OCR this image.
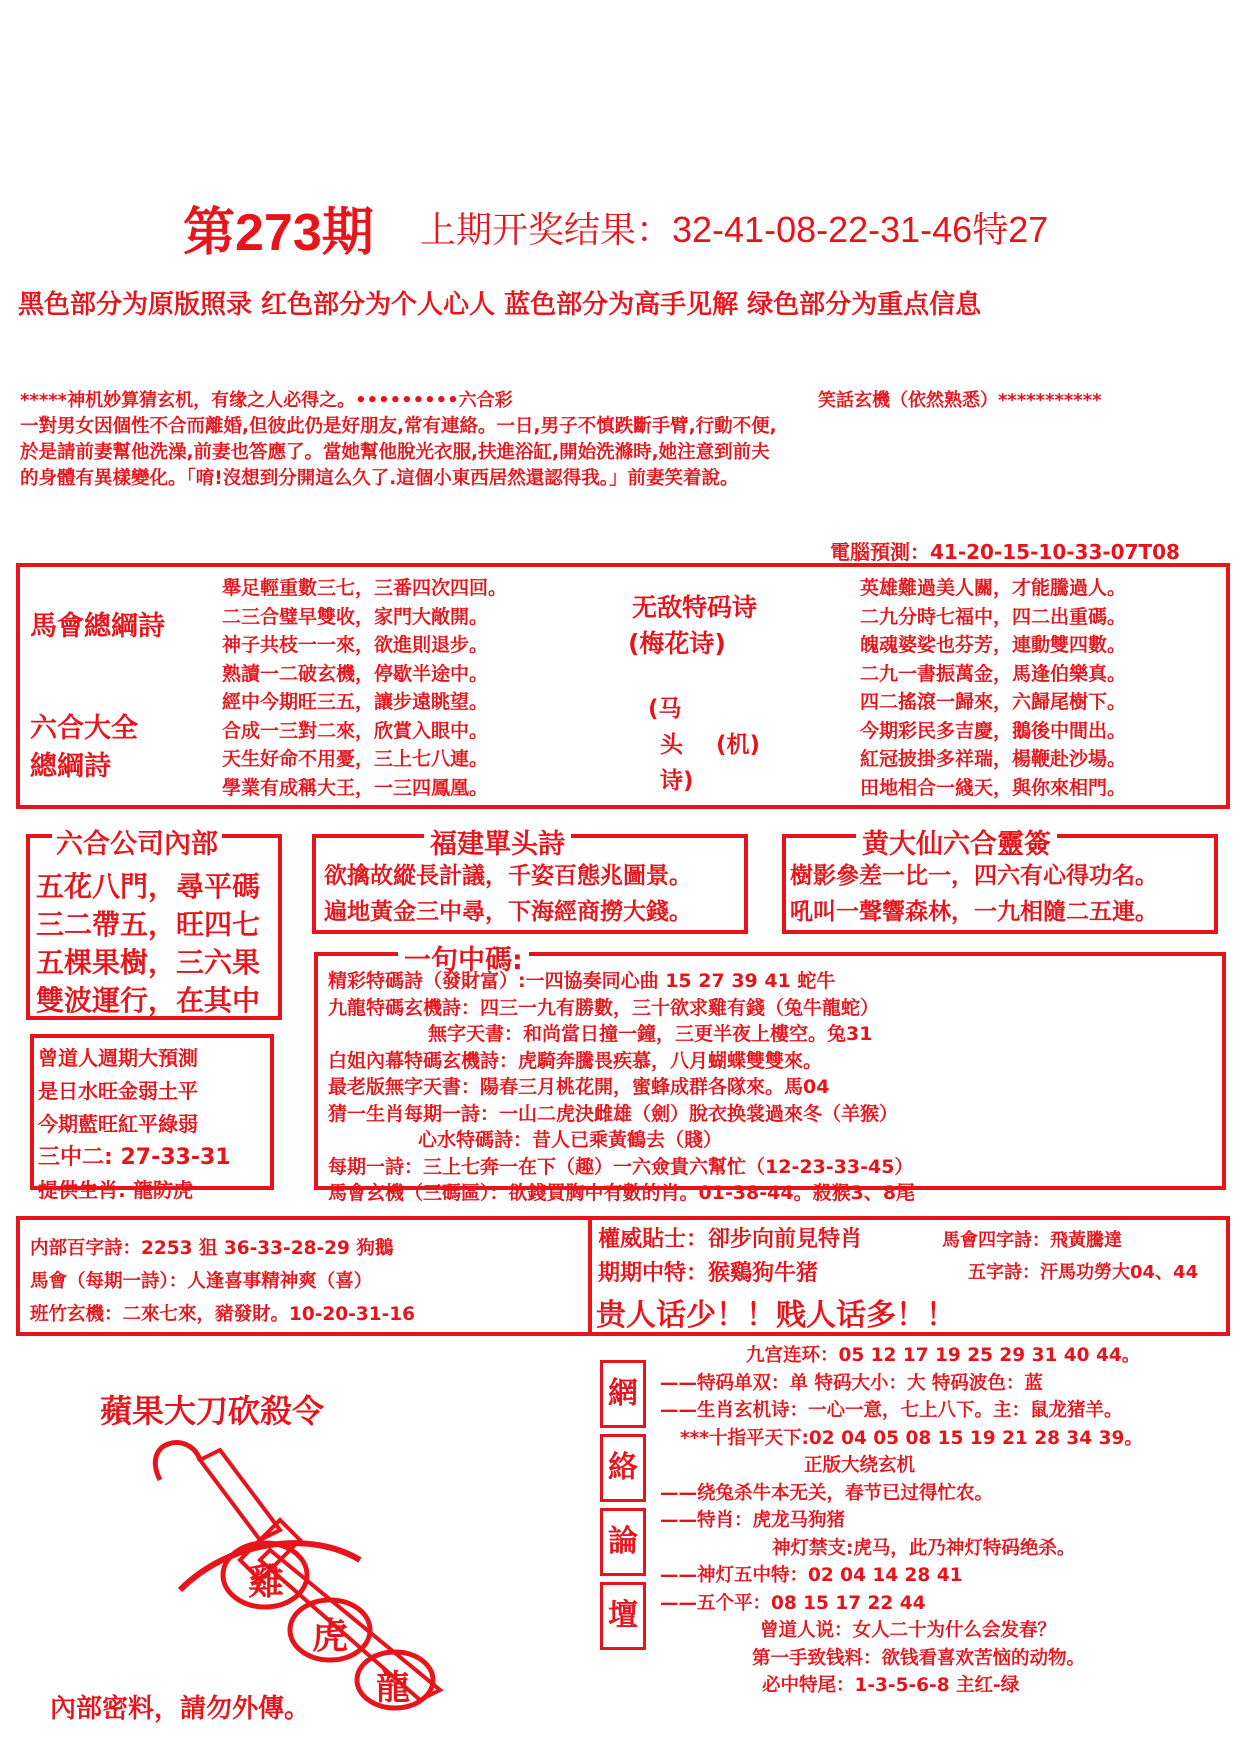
第273期 上期开奖结果：32-41-08-22-31-46特27
黑色部分为原版照录 红色部分为个人心人 蓝色部分为高手见解 绿色部分为重点信息
*****神机妙算猜玄机，有缘之人必得之。•••••••••六合彩	笑話玄機（依然熟悉）***********
一對男女因個性不合而離婚,但彼此仍是好朋友,常有連絡。一日,男子不慎跌斷手臂,行動不便,
於是請前妻幫他洗澡,前妻也答應了。當她幫他脫光衣服,扶進浴缸,開始洗滌時,她注意到前夫
的身體有異樣變化。「唷!沒想到分開這么久了.這個小東西居然還認得我。」前妻笑着說。
電腦預測：41-20-15-10-33-07T08
馬會總綱詩
六合大全
總綱詩
舉足輕重數三七，三番四次四回。
二三合璧早雙收，家門大敞開。
神子共枝一一來，欲進則退步。
熟讀一二破玄機，停歇半途中。
經中今期旺三五，讓步遠眺望。
合成一三對二來，欣賞入眼中。
天生好命不用憂，三上七八連。
學業有成稱大王，一三四鳳凰。
无敌特码诗
(梅花诗)
(马
头 (机)
诗)
英雄難過美人關，才能騰過人。
二九分時七福中，四二出重碼。
魄魂婆娑也芬芳，連動雙四數。
二九一書振萬金，馬逢伯樂真。
四二搖滾一歸來，六歸尾樹下。
今期彩民多吉慶，鵝後中間出。
紅冠披掛多祥瑞，楊鞭赴沙場。
田地相合一綫天，與你來相門。
六合公司內部
五花八門，尋平碼
三二帶五，旺四七
五棵果樹，三六果
雙波運行，在其中
福建單头詩
欲擒故縱長計議，千姿百態兆圖景。
遍地黃金三中尋，下海經商撈大錢。
黄大仙六合靈簽
樹影參差一比一，四六有心得功名。
吼叫一聲響森林，一九相隨二五連。
一句中碼:
精彩特碼詩（發財富）:一四協奏同心曲 15 27 39 41 蛇牛
九龍特碼玄機詩：四三一九有勝數，三十欲求雞有錢（兔牛龍蛇）
無字天書：和尚當日撞一鐘，三更半夜上樓空。兔31
白姐內幕特碼玄機詩：虎騎奔騰畏疾慕，八月蝴蝶雙雙來。
最老版無字天書：陽春三月桃花開，蜜蜂成群各隊來。馬04
猜一生肖每期一詩：一山二虎決雌雄（劍）脫衣换裳過來冬（羊猴）
心水特碼詩：昔人已乘黃鶴去（賤）
每期一詩：三上七奔一在下（趣）一六僉貴六幫忙（12-23-33-45）
馬會玄機（三碼區）：欲錢買胸中有數的肖。01-38-44。殺猴3、8尾
曾道人週期大預測
是日水旺金弱土平
今期藍旺紅平綠弱
三中二: 27-33-31
提供生肖: 龍防虎
内部百字詩：2253 狙 36-33-28-29 狗鵝
馬會（每期一詩）：人逢喜事精神爽（喜）
班竹玄機：二來七來，豬發財。10-20-31-16
權威貼士：卻步向前見特肖	馬會四字詩：飛黃騰達
期期中特：猴鷄狗牛猪	五字詩：汗馬功勞大04、44
贵人话少！！贱人话多！！
蘋果大刀砍殺令
雞
虎
龍
內部密料，請勿外傳。
網
絡
論
壇
九宫连环：05 12 17 19 25 29 31 40 44。
——特码单双：单 特码大小：大 特码波色：蓝
——生肖玄机诗：一心一意，七上八下。主：鼠龙猪羊。
***十指平天下:02 04 05 08 15 19 21 28 34 39。
正版大绕玄机
——绕兔杀牛本无关，春节已过得忙农。
——特肖：虎龙马狗猪
神灯禁支:虎马，此乃神灯特码绝杀。
——神灯五中特：02 04 14 28 41
——五个平：08 15 17 22 44
曾道人说：女人二十为什么会发春？
第一手致钱料：欲钱看喜欢苦恼的动物。
必中特尾：1-3-5-6-8 主红-绿
